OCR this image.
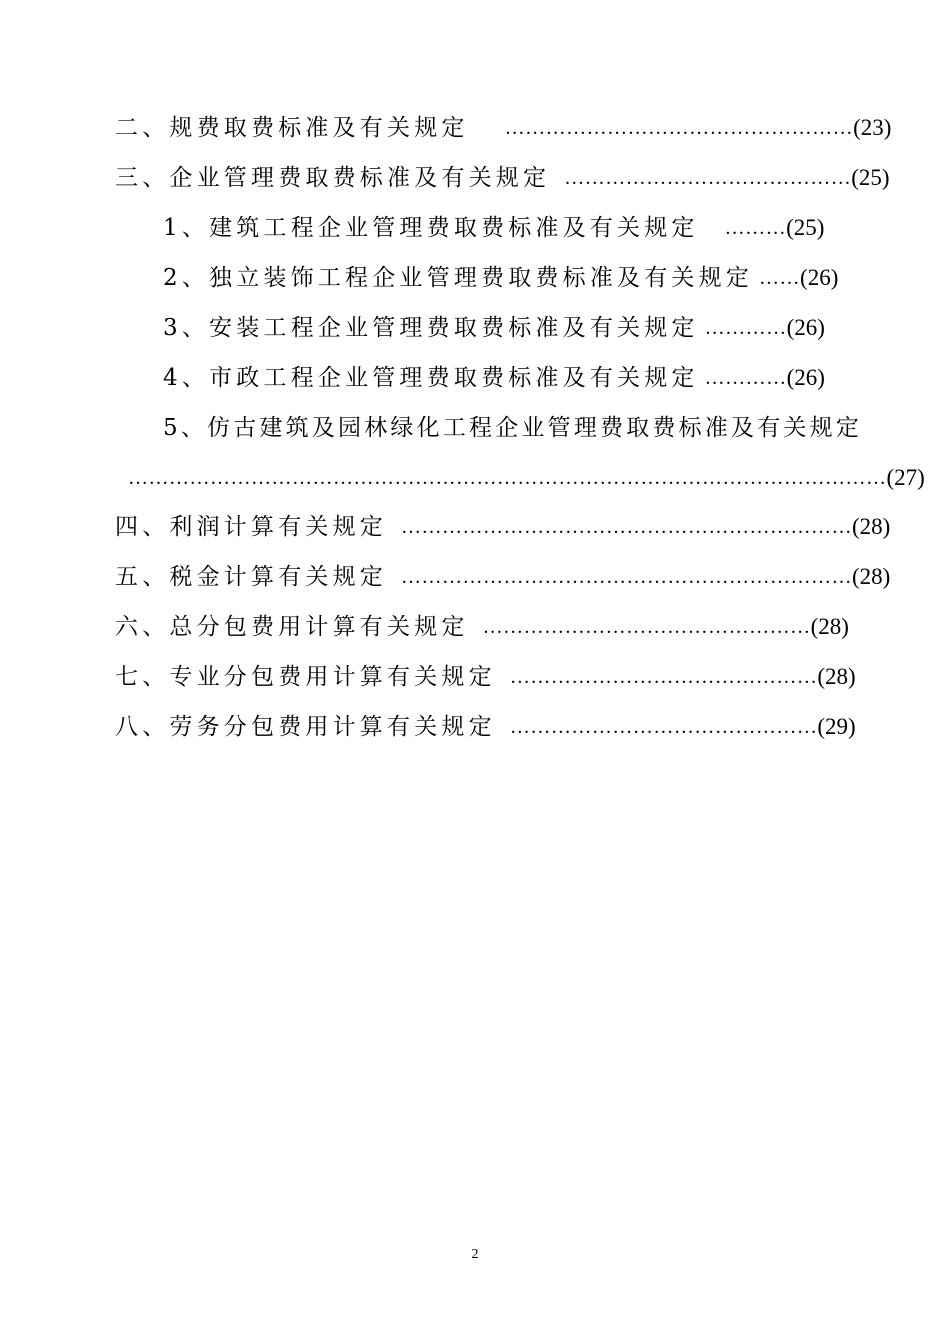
二、规费取费标准及有关规定	…………………………………………… (23)
三、企业管理费取费标准及有关规定 …………………………………… (25)
1、建筑工程企业管理费取费标准及有关规定	……… (25)
2、独立装饰工程企业管理费取费标准及有关规定 …… (26)
3、安装工程企业管理费取费标准及有关规定 ………… (26)
4、市政工程企业管理费取费标准及有关规定 ………… (26)
5、仿古建筑及园林绿化工程企业管理费取费标准及有关规定
………………………………………………………………………………………………… (27)
四、利润计算有关规定 ………………………………………………………… (28)
五、税金计算有关规定 ………………………………………………………… (28)
六、总分包费用计算有关规定 ………………………………………… (28)
七、专业分包费用计算有关规定 ……………………………………… (28)
八、劳务分包费用计算有关规定 ……………………………………… (29)
2
